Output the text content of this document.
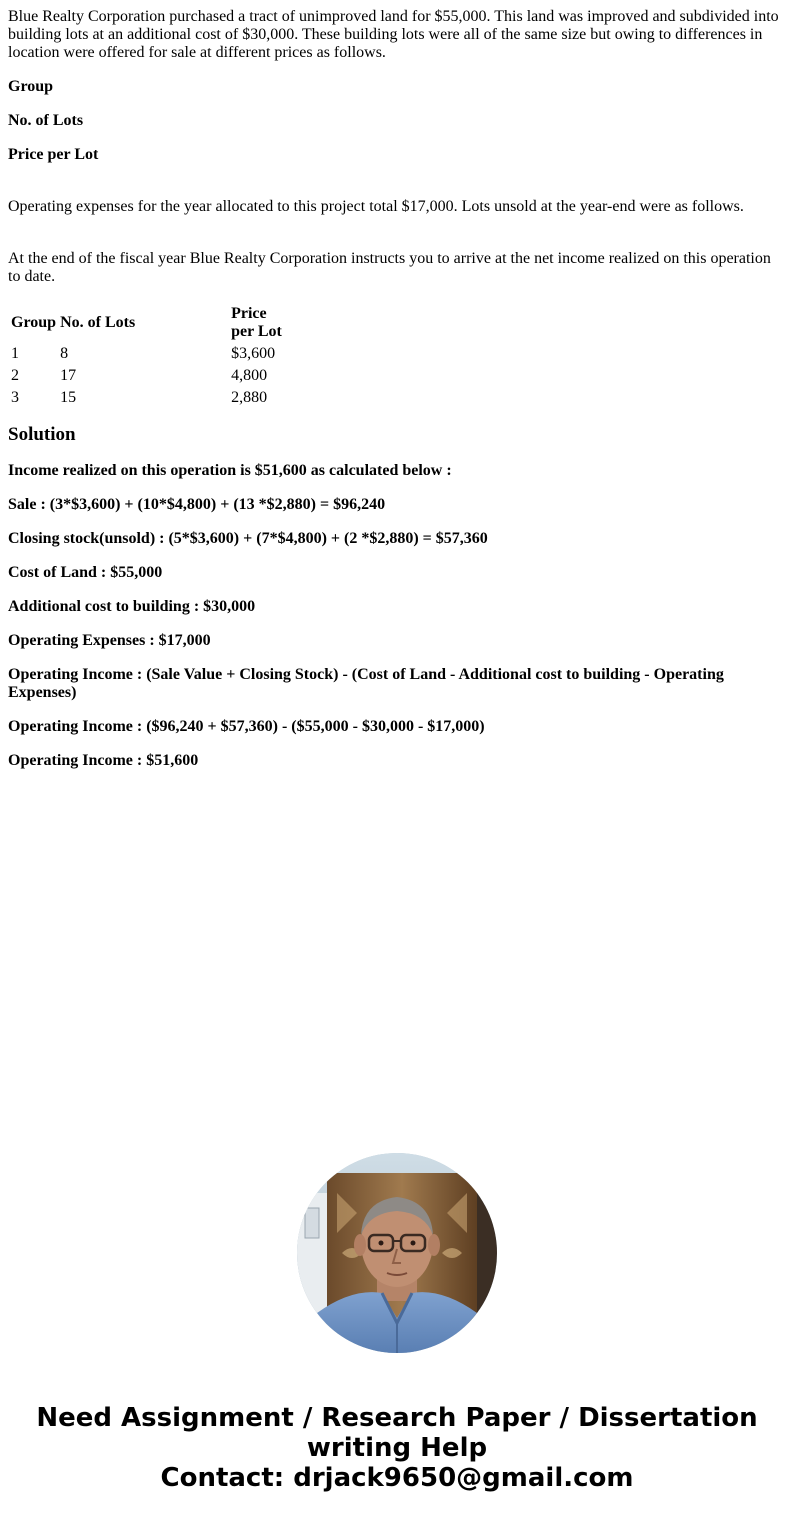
Blue Realty Corporation purchased a tract of unimproved land for $55,000. This land was improved and subdivided into building lots at an additional cost of $30,000. These building lots were all of the same size but owing to differences in location were offered for sale at different prices as follows.

Group

No. of Lots

Price per Lot

Operating expenses for the year allocated to this project total $17,000. Lots unsold at the year-end were as follows.

At the end of the fiscal year Blue Realty Corporation instructs you to arrive at the net income realized on this operation to date.

Group	No. of Lots	Price per Lot
1	8	$3,600
2	17	4,800
3	15	2,880
Solution

Income realized on this operation is $51,600 as calculated below :

Sale : (3*$3,600) + (10*$4,800) + (13 *$2,880) = $96,240

Closing stock(unsold) : (5*$3,600) + (7*$4,800) + (2 *$2,880) = $57,360

Cost of Land : $55,000

Additional cost to building : $30,000

Operating Expenses : $17,000

Operating Income : (Sale Value + Closing Stock) - (Cost of Land - Additional cost to building - Operating Expenses)

Operating Income : ($96,240 + $57,360) - ($55,000 - $30,000 - $17,000)

Operating Income : $51,600

Need Assignment / Research Paper / Dissertation writing Help
Contact: drjack9650@gmail.com
